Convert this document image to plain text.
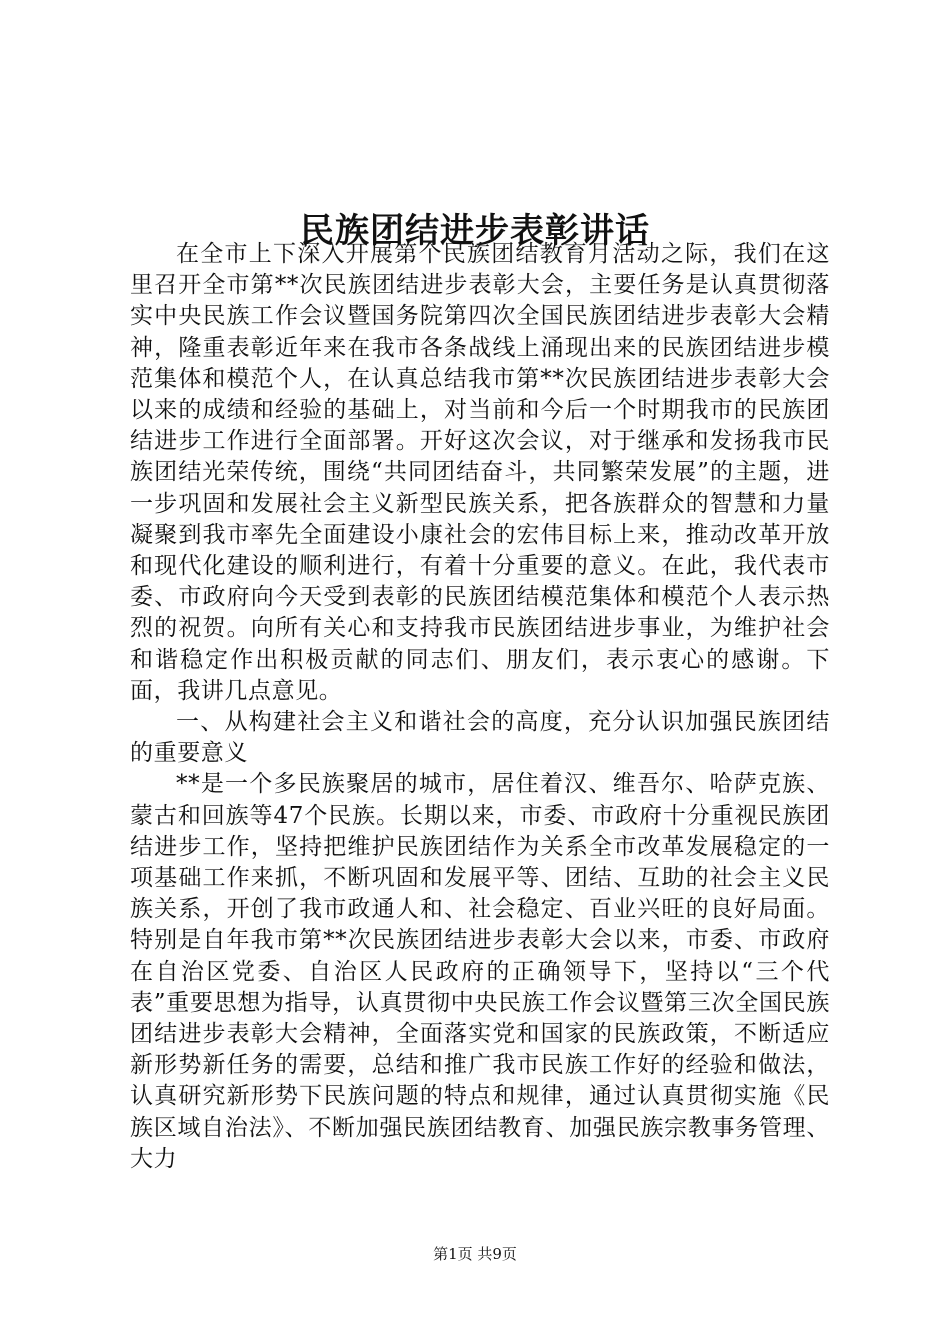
民族团结进步表彰讲话

在全市上下深入开展第个民族团结教育月活动之际，我们在这里召开全市第**次民族团结进步表彰大会，主要任务是认真贯彻落实中央民族工作会议暨国务院第四次全国民族团结进步表彰大会精神，隆重表彰近年来在我市各条战线上涌现出来的民族团结进步模范集体和模范个人，在认真总结我市第**次民族团结进步表彰大会以来的成绩和经验的基础上，对当前和今后一个时期我市的民族团结进步工作进行全面部署。开好这次会议，对于继承和发扬我市民族团结光荣传统，围绕“共同团结奋斗，共同繁荣发展”的主题，进一步巩固和发展社会主义新型民族关系，把各族群众的智慧和力量凝聚到我市率先全面建设小康社会的宏伟目标上来，推动改革开放和现代化建设的顺利进行，有着十分重要的意义。在此，我代表市委、市政府向今天受到表彰的民族团结模范集体和模范个人表示热烈的祝贺。向所有关心和支持我市民族团结进步事业，为维护社会和谐稳定作出积极贡献的同志们、朋友们，表示衷心的感谢。下面，我讲几点意见。

一、从构建社会主义和谐社会的高度，充分认识加强民族团结的重要意义

**是一个多民族聚居的城市，居住着汉、维吾尔、哈萨克族、蒙古和回族等47个民族。长期以来，市委、市政府十分重视民族团结进步工作，坚持把维护民族团结作为关系全市改革发展稳定的一项基础工作来抓，不断巩固和发展平等、团结、互助的社会主义民族关系，开创了我市政通人和、社会稳定、百业兴旺的良好局面。特别是自年我市第**次民族团结进步表彰大会以来，市委、市政府在自治区党委、自治区人民政府的正确领导下，坚持以“三个代表”重要思想为指导，认真贯彻中央民族工作会议暨第三次全国民族团结进步表彰大会精神，全面落实党和国家的民族政策，不断适应新形势新任务的需要，总结和推广我市民族工作好的经验和做法，认真研究新形势下民族问题的特点和规律，通过认真贯彻实施《民族区域自治法》、不断加强民族团结教育、加强民族宗教事务管理、大力

第1页 共9页
